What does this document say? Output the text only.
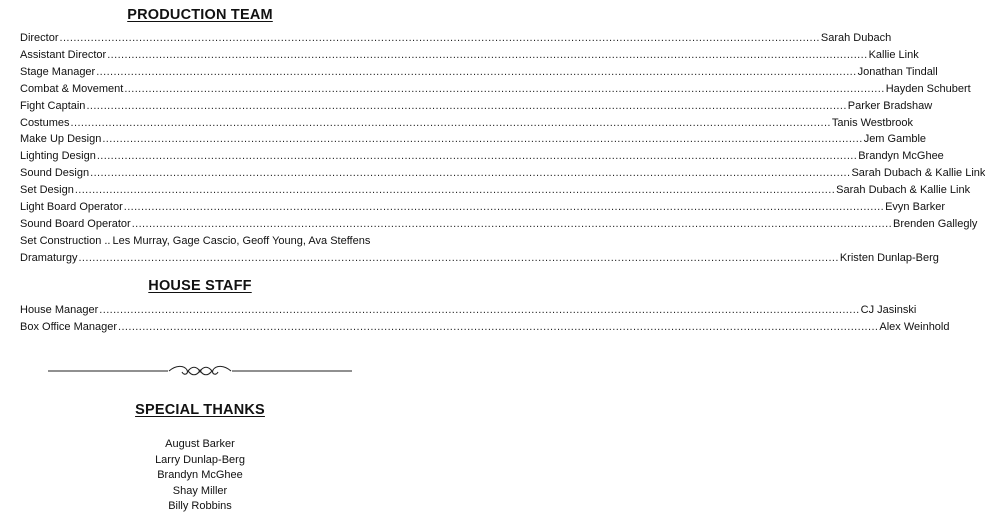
PRODUCTION TEAM
Director ............................................................................................................................................................................................................................ Sarah Dubach
Assistant Director ............................................................................................................................................................................................................................ Kallie Link
Stage Manager ............................................................................................................................................................................................................................ Jonathan Tindall
Combat & Movement ............................................................................................................................................................................................................................ Hayden Schubert
Fight Captain ............................................................................................................................................................................................................................ Parker Bradshaw
Costumes ............................................................................................................................................................................................................................ Tanis Westbrook
Make Up Design ............................................................................................................................................................................................................................ Jem Gamble
Lighting Design ............................................................................................................................................................................................................................ Brandyn McGhee
Sound Design ............................................................................................................................................................................................................................ Sarah Dubach & Kallie Link
Set Design ............................................................................................................................................................................................................................ Sarah Dubach & Kallie Link
Light Board Operator ............................................................................................................................................................................................................................ Evyn Barker
Sound Board Operator ............................................................................................................................................................................................................................ Brenden Gallegly
Set Construction .. Les Murray, Gage Cascio, Geoff Young, Ava Steffens
Dramaturgy ............................................................................................................................................................................................................................ Kristen Dunlap-Berg
HOUSE STAFF
House Manager ............................................................................................................................................................................................................................ CJ Jasinski
Box Office Manager ............................................................................................................................................................................................................................ Alex Weinhold
SPECIAL THANKS
August Barker
Larry Dunlap-Berg
Brandyn McGhee
Shay Miller
Billy Robbins
